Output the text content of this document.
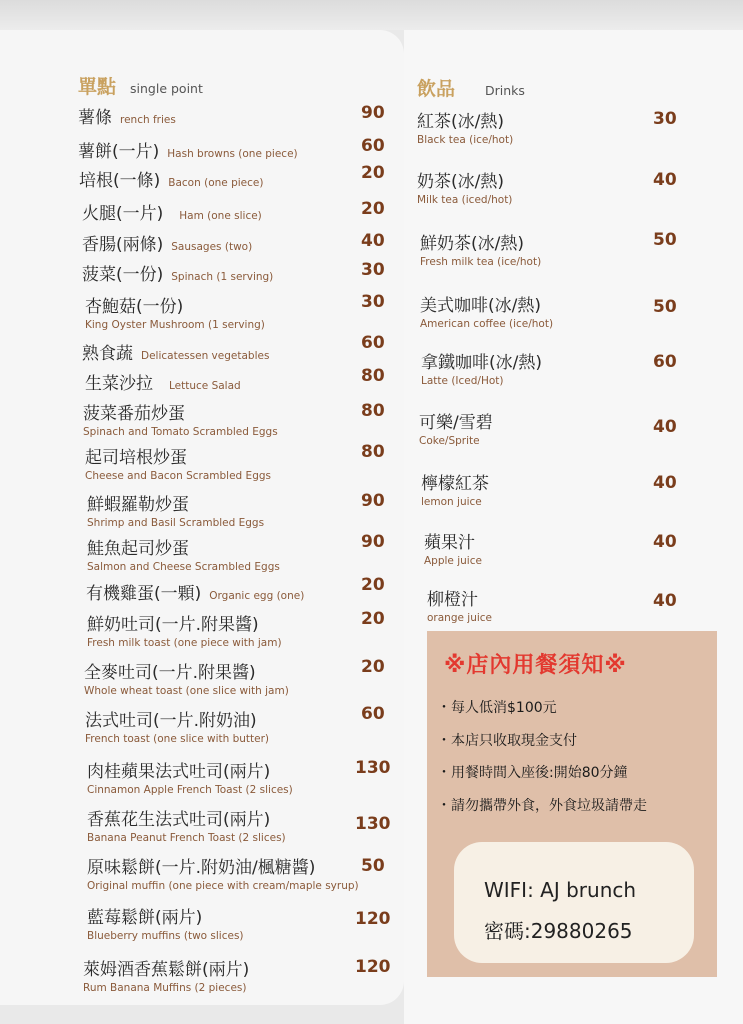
單點 single point	飲品 Drinks
薯條 rench fries	90
薯餅(一片) Hash browns (one piece)	60
培根(一條) Bacon (one piece)	20
火腿(一片) Ham (one slice)	20
香腸(兩條) Sausages (two)	40
菠菜(一份) Spinach (1 serving)	30
杏鮑菇(一份)
King Oyster Mushroom (1 serving)
30
熟食蔬 Delicatessen vegetables
60
生菜沙拉 Lettuce Salad	80
菠菜番茄炒蛋
Spinach and Tomato Scrambled Eggs
80
起司培根炒蛋
Cheese and Bacon Scrambled Eggs
80
鮮蝦羅勒炒蛋
Shrimp and Basil Scrambled Eggs
90
鮭魚起司炒蛋
Salmon and Cheese Scrambled Eggs
90
有機雞蛋(一顆) Organic egg (one)
20
鮮奶吐司(一片.附果醬)
Fresh milk toast (one piece with jam)
20
全麥吐司(一片.附果醬)
Whole wheat toast (one slice with jam)
20
法式吐司(一片.附奶油)
French toast (one slice with butter)
60
肉桂蘋果法式吐司(兩片)
Cinnamon Apple French Toast (2 slices)
130
香蕉花生法式吐司(兩片)
Banana Peanut French Toast (2 slices)
130
原味鬆餅(一片.附奶油/楓糖醬)
Original muffin (one piece with cream/maple syrup)
50
藍莓鬆餅(兩片)
Blueberry muffins (two slices)
120
萊姆酒香蕉鬆餅(兩片)
Rum Banana Muffins (2 pieces)
120
紅茶(冰/熱)
Black tea (ice/hot)
30
奶茶(冰/熱)
Milk tea (iced/hot)
40
鮮奶茶(冰/熱)
Fresh milk tea (ice/hot)
50
美式咖啡(冰/熱)
American coffee (ice/hot)
50
拿鐵咖啡(冰/熱)
Latte (Iced/Hot)
60
可樂/雪碧
Coke/Sprite
40
檸檬紅茶
lemon juice
40
蘋果汁
Apple juice
40
柳橙汁
orange juice
40
※店內用餐須知※
・每人低消$100元
・本店只收取現金支付
・用餐時間入座後:開始80分鐘
・請勿攜帶外食，外食垃圾請帶走
WIFI: AJ brunch
密碼:29880265
